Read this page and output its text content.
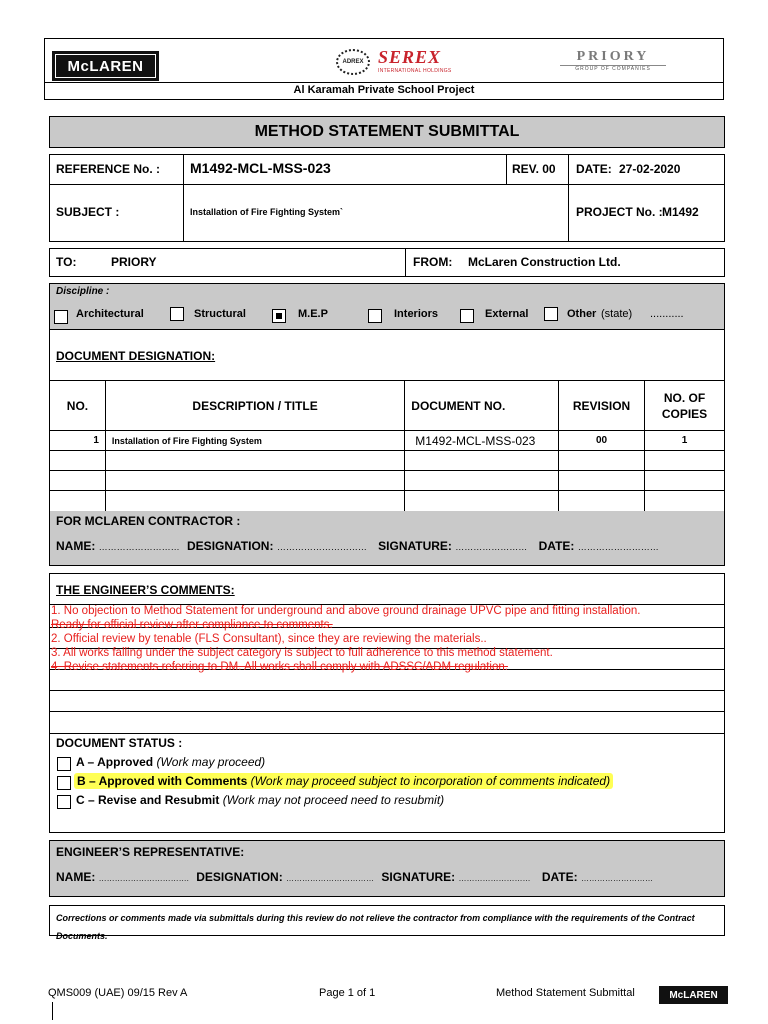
McLAREN	ADREX SEREX
INTERNATIONAL HOLDINGS
PRIORY
GROUP OF COMPANIES
Al Karamah Private School Project
METHOD STATEMENT SUBMITTAL
REFERENCE No. : M1492-MCL-MSS-023	REV. 00 DATE: 27-02-2020
SUBJECT :	Installation of Fire Fighting System`	PROJECT No. : M1492
TO:	PRIORY	FROM: McLaren Construction Ltd.
Discipline :
Architectural	Structural	M.E.P	Interiors	External	Other (state) ...........
DOCUMENT DESIGNATION:
NO.	DESCRIPTION / TITLE	DOCUMENT NO.	REVISION	NO. OF COPIES
1	Installation of Fire Fighting System	M1492-MCL-MSS-023	00	1

FOR MCLAREN CONTRACTOR :
NAME: ……………………… DESIGNATION: ………………………… SIGNATURE: …………………… DATE: ………………………
THE ENGINEER’S COMMENTS:
1. No objection to Method Statement for underground and above ground drainage UPVC pipe and fitting installation.
Ready for official review after compliance to comments.
2. Official review by tenable (FLS Consultant), since they are reviewing the materials..
3. All works falling under the subject category is subject to full adherence to this method statement.
4. Revise statements referring to DM. All works shall comply with ADSSC/ADM regulation.
DOCUMENT STATUS :
A – Approved (Work may proceed)
B – Approved with Comments (Work may proceed subject to incorporation of comments indicated)
C – Revise and Resubmit (Work may not proceed need to resubmit)
ENGINEER’S REPRESENTATIVE:
NAME: ……………………………. DESIGNATION: …………………………… SIGNATURE: ……………………… DATE: ………………………
Corrections or comments made via submittals during this review do not relieve the contractor from compliance with the requirements of the Contract Documents.
QMS009 (UAE) 09/15 Rev A	Page 1 of 1	Method Statement Submittal	McLAREN
